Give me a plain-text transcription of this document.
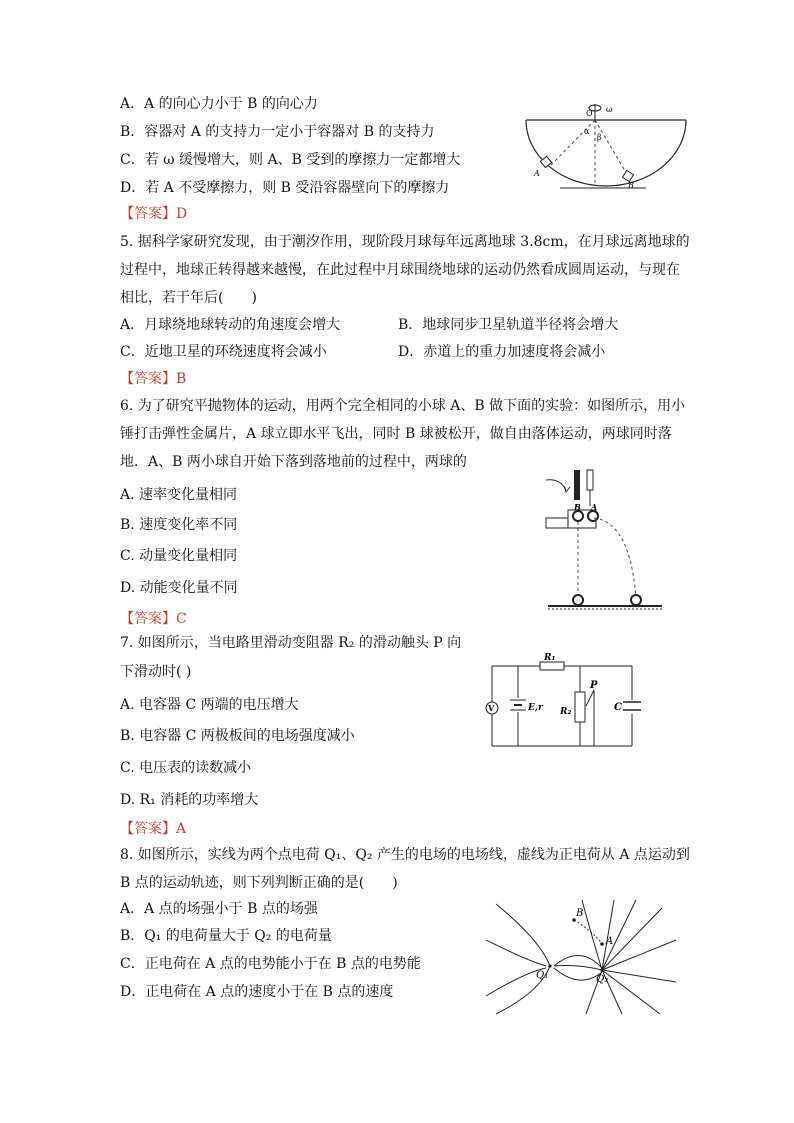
A．A 的向心力小于 B 的向心力
B．容器对 A 的支持力一定小于容器对 B 的支持力
C．若 ω 缓慢增大，则 A、B 受到的摩擦力一定都增大
D．若 A 不受摩擦力，则 B 受沿容器壁向下的摩擦力
【答案】D
ω
O
α
β
A
B
5. 据科学家研究发现，由于潮汐作用，现阶段月球每年远离地球 3.8cm，在月球远离地球的
过程中，地球正转得越来越慢，在此过程中月球围绕地球的运动仍然看成圆周运动，与现在
相比，若干年后(　　)
A．月球绕地球转动的角速度会增大	B．地球同步卫星轨道半径将会增大
C．近地卫星的环绕速度将会减小	D．赤道上的重力加速度将会减小
【答案】B
6. 为了研究平抛物体的运动，用两个完全相同的小球 A、B 做下面的实验：如图所示，用小
锤打击弹性金属片，A 球立即水平飞出，同时 B 球被松开，做自由落体运动，两球同时落
地．A、B 两小球自开始下落到落地前的过程中，两球的
A. 速率变化量相同
B. 速度变化率不同
C. 动量变化量相同
D. 动能变化量不同
【答案】C
B A
7. 如图所示，当电路里滑动变阻器 R₂ 的滑动触头 P 向
下滑动时( )
A. 电容器 C 两端的电压增大
B. 电容器 C 两极板间的电场强度减小
C. 电压表的读数减小
D. R₁ 消耗的功率增大
【答案】A
V	E,r R₂
P
R₁
C
8. 如图所示，实线为两个点电荷 Q₁、Q₂ 产生的电场的电场线，虚线为正电荷从 A 点运动到
B 点的运动轨迹，则下列判断正确的是(　　)
A．A 点的场强小于 B 点的场强
B．Q₁ 的电荷量大于 Q₂ 的电荷量
C．正电荷在 A 点的电势能小于在 B 点的电势能
D．正电荷在 A 点的速度小于在 B 点的速度
B
A
Q₁	Q₂
